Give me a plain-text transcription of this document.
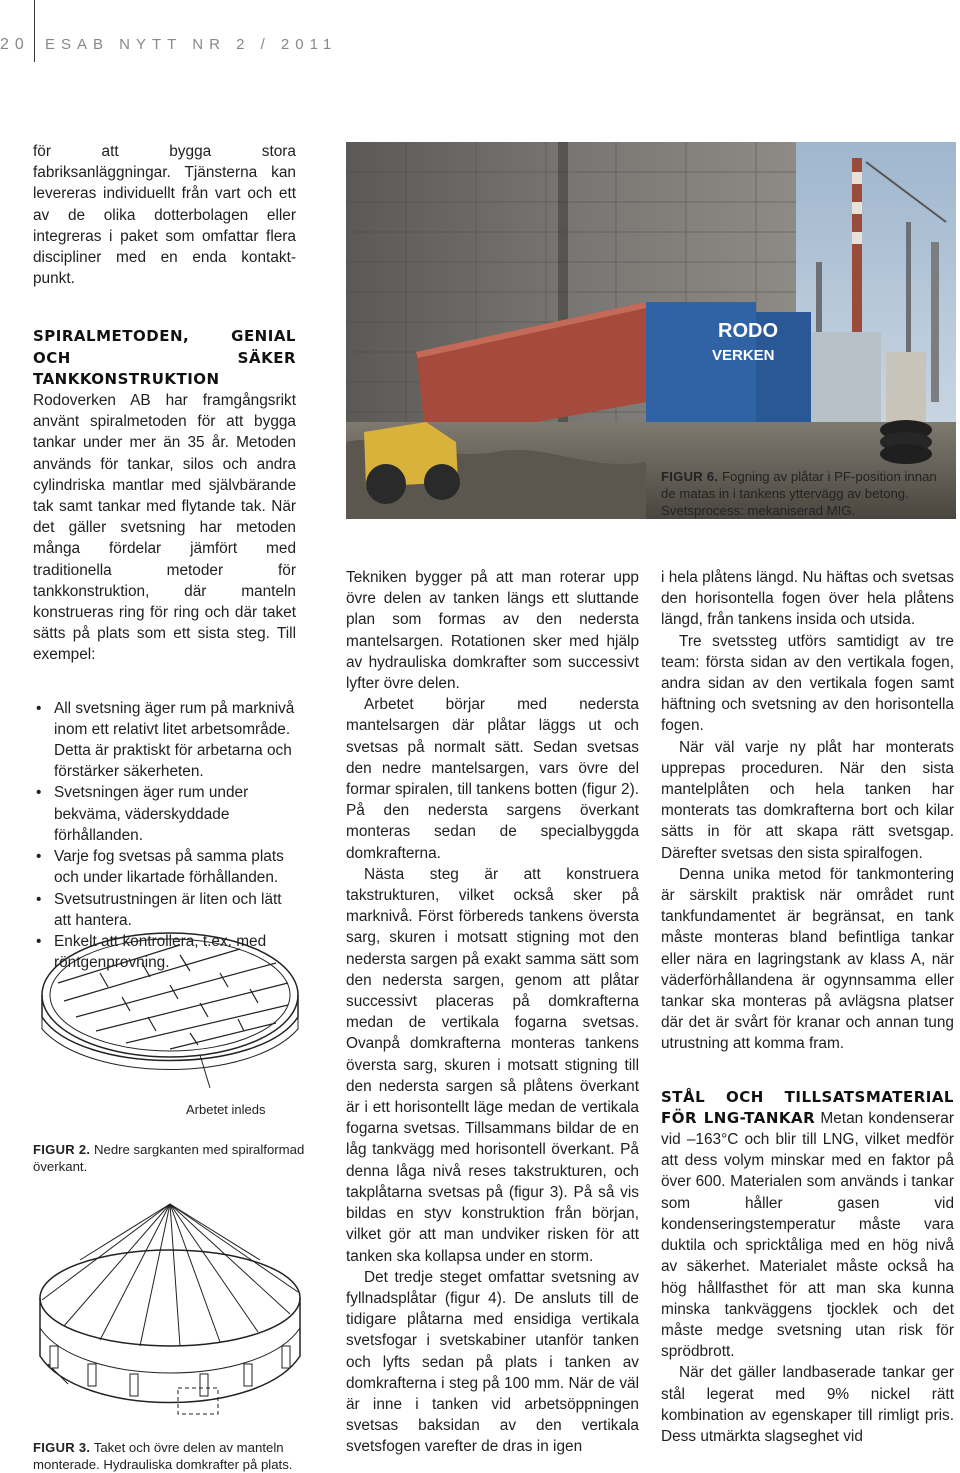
20 ESAB NYTT NR 2 / 2011

för att bygga stora fabriksanläggningar. Tjänsterna kan levereras individuellt från vart och ett av de olika dotterbolagen eller integreras i paket som omfattar flera discipliner med en enda kontakt-punkt.

SPIRALMETODEN, GENIAL OCH SÄKER TANKKONSTRUKTION Rodoverken AB har framgångsrikt använt spiralmetoden för att bygga tankar under mer än 35 år. Metoden används för tankar, silos och andra cylindriska mantlar med självbärande tak samt tankar med flytande tak. När det gäller svetsning har metoden många fördelar jämfört med traditionella metoder för tankkonstruktion, där manteln konstrueras ring för ring och där taket sätts på plats som ett sista steg. Till exempel:

• All svetsning äger rum på marknivå inom ett relativt litet arbetsområde. Detta är praktiskt för arbetarna och förstärker säkerheten.
• Svetsningen äger rum under bekväma, väderskyddade förhållanden.
• Varje fog svetsas på samma plats och under likartade förhållanden.
• Svetsutrustningen är liten och lätt att hantera.
• Enkelt att kontrollera, t.ex. med röntgenprovning.
Arbetet inleds
FIGUR 2. Nedre sargkanten med spiralformad överkant.
FIGUR 3. Taket och övre delen av manteln monterade. Hydrauliska domkrafter på plats.
RODO
VERKEN
FIGUR 6. Fogning av plåtar i PF-position innan de matas in i tankens yttervägg av betong. Svetsprocess: mekaniserad MIG.

Tekniken bygger på att man roterar upp övre delen av tanken längs ett sluttande plan som formas av den nedersta mantelsargen. Rotationen sker med hjälp av hydrauliska domkrafter som successivt lyfter övre delen.

Arbetet börjar med nedersta mantelsargen där plåtar läggs ut och svetsas på normalt sätt. Sedan svetsas den nedre mantelsargen, vars övre del formar spiralen, till tankens botten (figur 2). På den nedersta sargens överkant monteras sedan de specialbyggda domkrafterna.

Nästa steg är att konstruera takstrukturen, vilket också sker på marknivå. Först förbereds tankens översta sarg, skuren i motsatt stigning mot den nedersta sargen på exakt samma sätt som den nedersta sargen, genom att plåtar successivt placeras på domkrafterna medan de vertikala fogarna svetsas. Ovanpå domkrafterna monteras tankens översta sarg, skuren i motsatt stigning till den nedersta sargen så plåtens överkant är i ett horisontellt läge medan de vertikala fogarna svetsas. Tillsammans bildar de en låg tankvägg med horisontell överkant. På denna låga nivå reses takstrukturen, och takplåtarna svetsas på (figur 3). På så vis bildas en styv konstruktion från början, vilket gör att man undviker risken för att tanken ska kollapsa under en storm.

Det tredje steget omfattar svetsning av fyllnadsplåtar (figur 4). De ansluts till de tidigare plåtarna med ensidiga vertikala svetsfogar i svetskabiner utanför tanken och lyfts sedan på plats i tanken av domkrafterna i steg på 100 mm. När de väl är inne i tanken vid arbetsöppningen svetsas baksidan av den vertikala svetsfogen varefter de dras in igen

i hela plåtens längd. Nu häftas och svetsas den horisontella fogen över hela plåtens längd, från tankens insida och utsida.

Tre svetssteg utförs samtidigt av tre team: första sidan av den vertikala fogen, andra sidan av den vertikala fogen samt häftning och svetsning av den horisontella fogen.

När väl varje ny plåt har monterats upprepas proceduren. När den sista mantelplåten och hela tanken har monterats tas domkrafterna bort och kilar sätts in för att skapa rätt svetsgap. Därefter svetsas den sista spiralfogen.

Denna unika metod för tankmontering är särskilt praktisk när området runt tankfundamentet är begränsat, en tank måste monteras bland befintliga tankar eller nära en lagringstank av klass A, när väderförhållandena är ogynnsamma eller tankar ska monteras på avlägsna platser där det är svårt för kranar och annan tung utrustning att komma fram.

STÅL OCH TILLSATSMATERIAL FÖR LNG-TANKAR Metan kondenserar vid –163°C och blir till LNG, vilket medför att dess volym minskar med en faktor på över 600. Materialen som används i tankar som håller gasen vid kondenseringstemperatur måste vara duktila och spricktåliga med en hög nivå av säkerhet. Materialet måste också ha hög hållfasthet för att man ska kunna minska tankväggens tjocklek och det måste medge svetsning utan risk för sprödbrott.

När det gäller landbaserade tankar ger stål legerat med 9% nickel rätt kombination av egenskaper till rimligt pris. Dess utmärkta slagseghet vid
